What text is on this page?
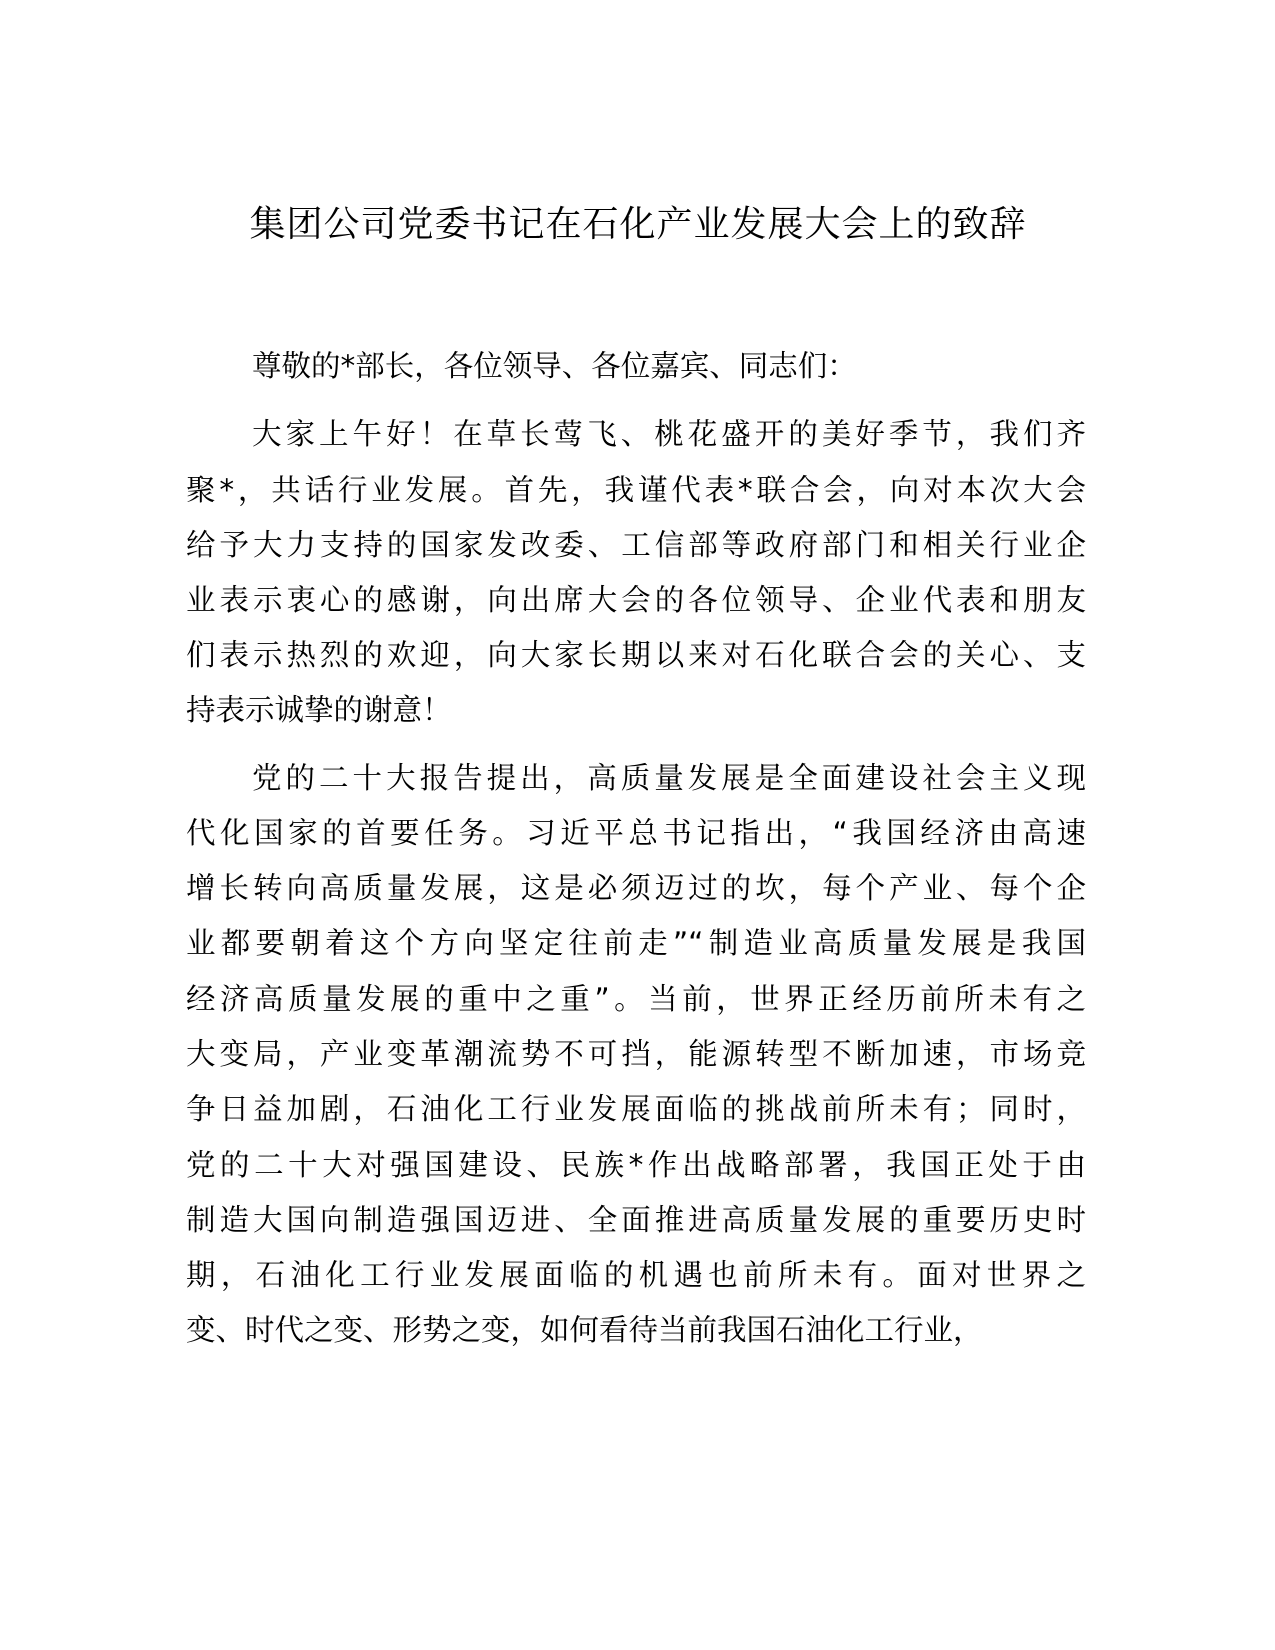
集团公司党委书记在石化产业发展大会上的致辞

尊敬的*部长，各位领导、各位嘉宾、同志们：

大家上午好！在草长莺飞、桃花盛开的美好季节，我们齐

聚*，共话行业发展。首先，我谨代表*联合会，向对本次大会

给予大力支持的国家发改委、工信部等政府部门和相关行业企

业表示衷心的感谢，向出席大会的各位领导、企业代表和朋友

们表示热烈的欢迎，向大家长期以来对石化联合会的关心、支

持表示诚挚的谢意！

党的二十大报告提出，高质量发展是全面建设社会主义现

代化国家的首要任务。习近平总书记指出，“我国经济由高速

增长转向高质量发展，这是必须迈过的坎，每个产业、每个企

业都要朝着这个方向坚定往前走”“制造业高质量发展是我国

经济高质量发展的重中之重”。当前，世界正经历前所未有之

大变局，产业变革潮流势不可挡，能源转型不断加速，市场竞

争日益加剧，石油化工行业发展面临的挑战前所未有；同时，

党的二十大对强国建设、民族*作出战略部署，我国正处于由

制造大国向制造强国迈进、全面推进高质量发展的重要历史时

期，石油化工行业发展面临的机遇也前所未有。面对世界之

变、时代之变、形势之变，如何看待当前我国石油化工行业，
